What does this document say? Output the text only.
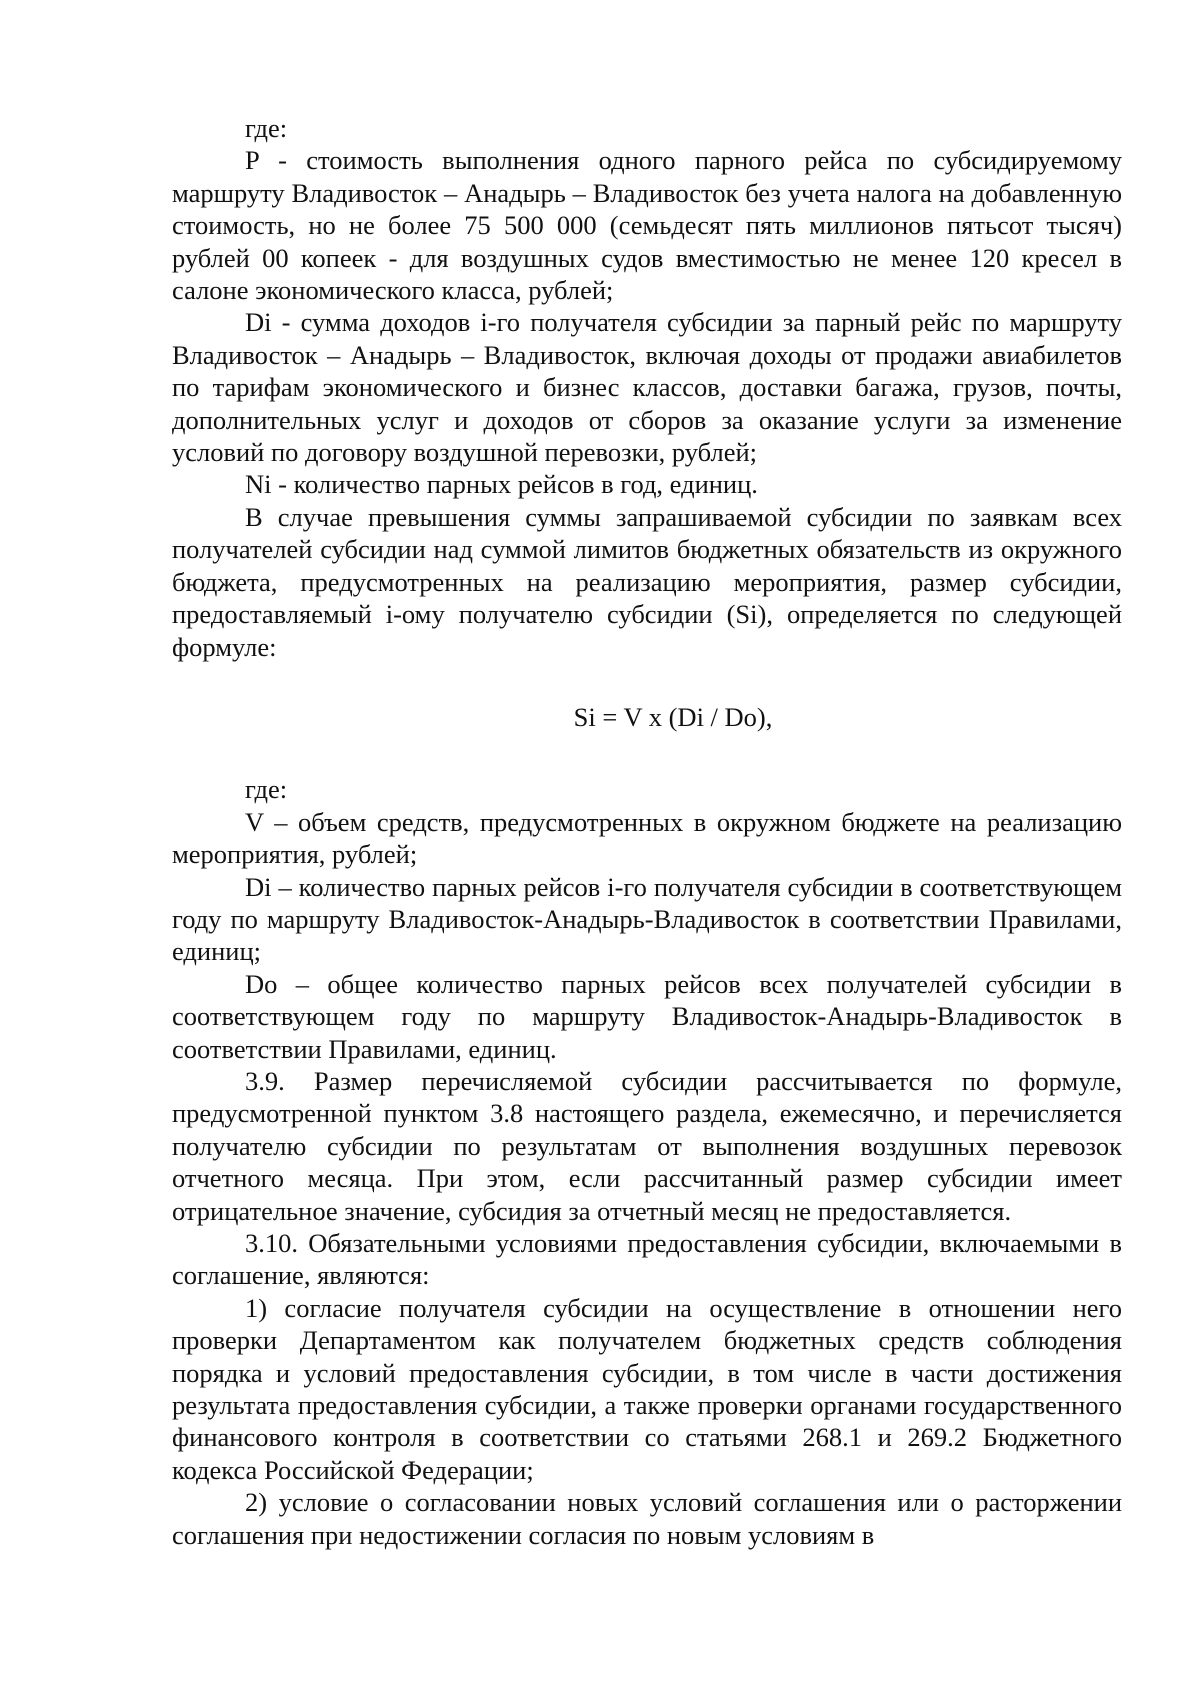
где:

P - стоимость выполнения одного парного рейса по субсидируемому маршруту Владивосток – Анадырь – Владивосток без учета налога на добавленную стоимость, но не более 75 500 000 (семьдесят пять миллионов пятьсот тысяч) рублей 00 копеек - для воздушных судов вместимостью не менее 120 кресел в салоне экономического класса, рублей;

Di - сумма доходов i-го получателя субсидии за парный рейс по маршруту Владивосток – Анадырь – Владивосток, включая доходы от продажи авиабилетов по тарифам экономического и бизнес классов, доставки багажа, грузов, почты, дополнительных услуг и доходов от сборов за оказание услуги за изменение условий по договору воздушной перевозки, рублей;

Ni - количество парных рейсов в год, единиц.

В случае превышения суммы запрашиваемой субсидии по заявкам всех получателей субсидии над суммой лимитов бюджетных обязательств из окружного бюджета, предусмотренных на реализацию мероприятия, размер субсидии, предоставляемый i-ому получателю субсидии (Si), определяется по следующей формуле:

Si = V x (Di / Do),

где:

V – объем средств, предусмотренных в окружном бюджете на реализацию мероприятия, рублей;

Di – количество парных рейсов i-го получателя субсидии в соответствующем году по маршруту Владивосток-Анадырь-Владивосток в соответствии Правилами, единиц;

Do – общее количество парных рейсов всех получателей субсидии в соответствующем году по маршруту Владивосток-Анадырь-Владивосток в соответствии Правилами, единиц.

3.9. Размер перечисляемой субсидии рассчитывается по формуле, предусмотренной пунктом 3.8 настоящего раздела, ежемесячно, и перечисляется получателю субсидии по результатам от выполнения воздушных перевозок отчетного месяца. При этом, если рассчитанный размер субсидии имеет отрицательное значение, субсидия за отчетный месяц не предоставляется.

3.10. Обязательными условиями предоставления субсидии, включаемыми в соглашение, являются:

1) согласие получателя субсидии на осуществление в отношении него проверки Департаментом как получателем бюджетных средств соблюдения порядка и условий предоставления субсидии, в том числе в части достижения результата предоставления субсидии, а также проверки органами государственного финансового контроля в соответствии со статьями 268.1 и 269.2 Бюджетного кодекса Российской Федерации;

2) условие о согласовании новых условий соглашения или о расторжении соглашения при недостижении согласия по новым условиям в
